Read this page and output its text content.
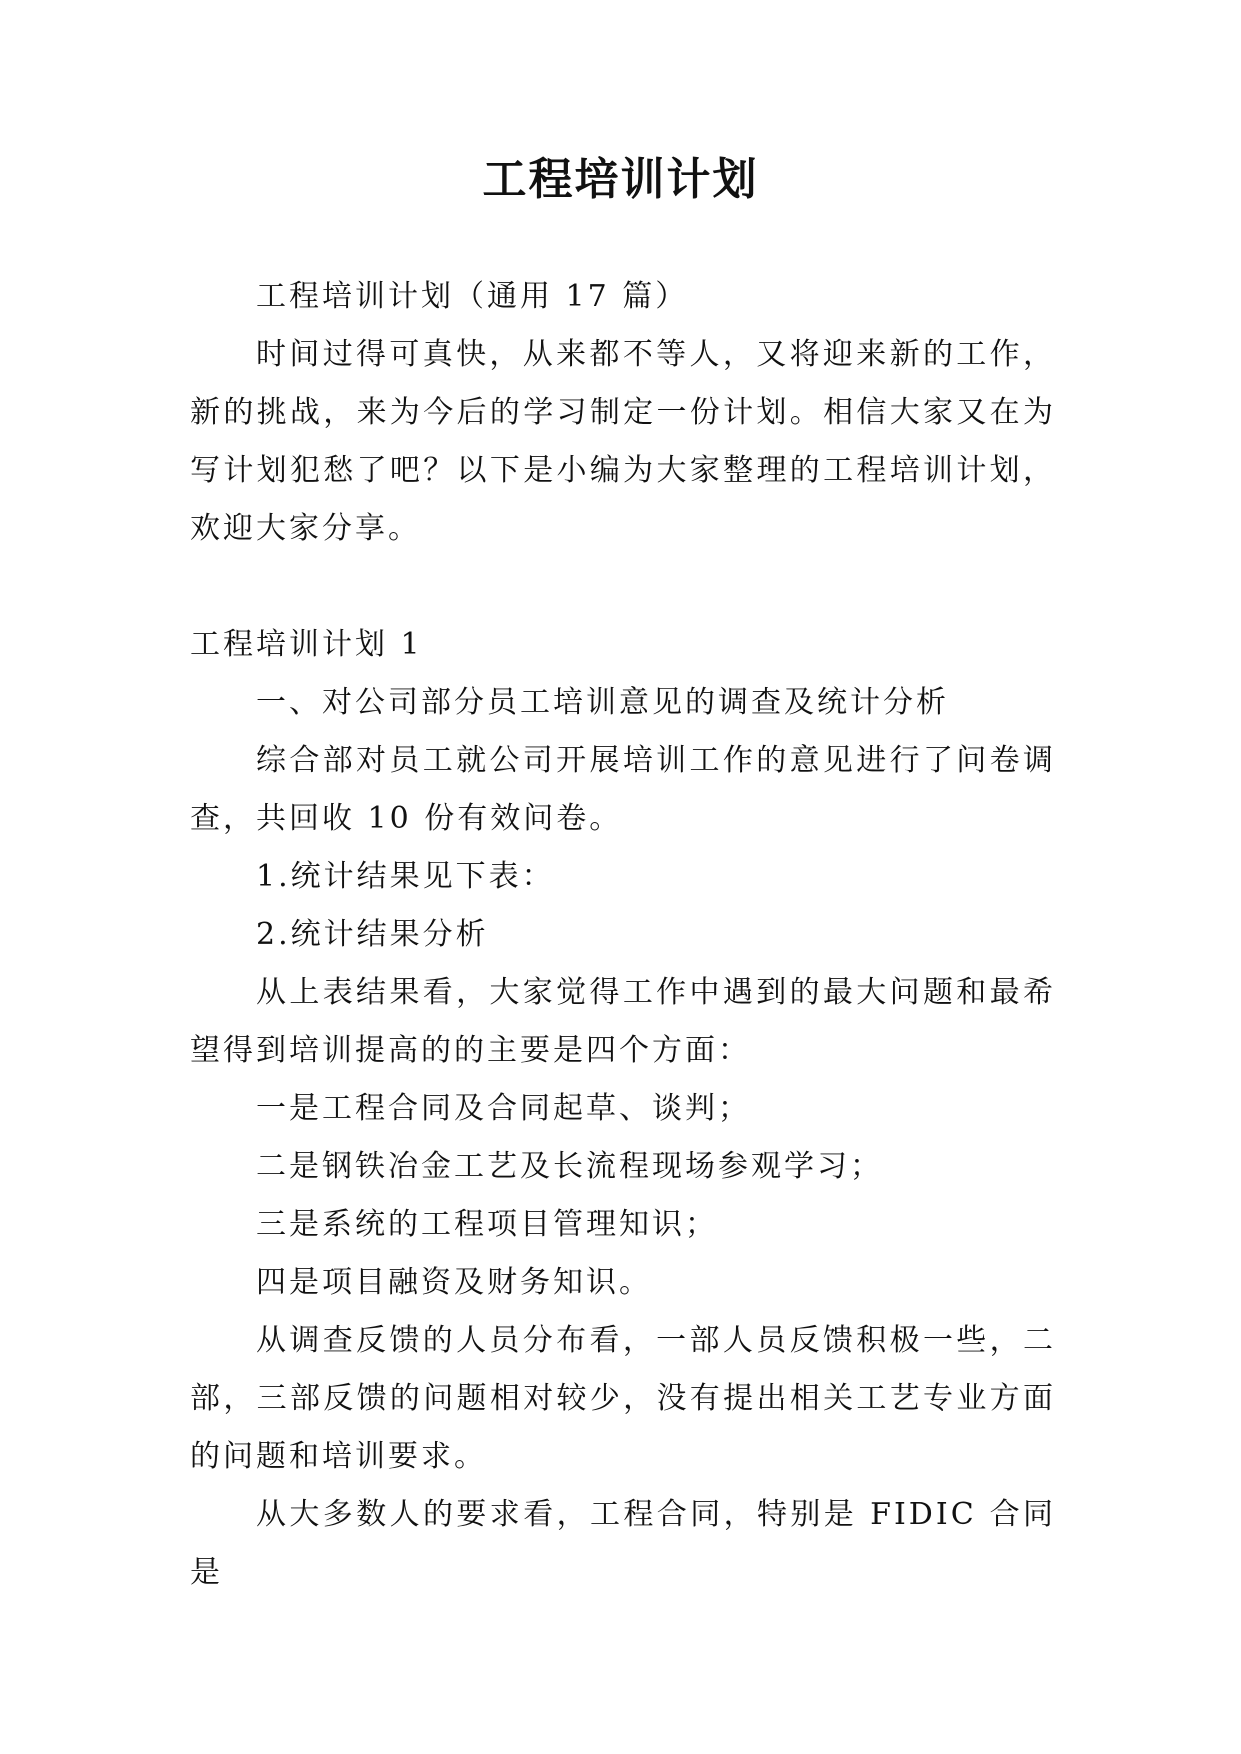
工程培训计划

工程培训计划（通用 17 篇）

时间过得可真快，从来都不等人，又将迎来新的工作，新的挑战，来为今后的学习制定一份计划。相信大家又在为写计划犯愁了吧？以下是小编为大家整理的工程培训计划，欢迎大家分享。

工程培训计划 1

一、对公司部分员工培训意见的调查及统计分析

综合部对员工就公司开展培训工作的意见进行了问卷调查，共回收 10 份有效问卷。

1.统计结果见下表：

2.统计结果分析

从上表结果看，大家觉得工作中遇到的最大问题和最希望得到培训提高的的主要是四个方面：

一是工程合同及合同起草、谈判；

二是钢铁冶金工艺及长流程现场参观学习；

三是系统的工程项目管理知识；

四是项目融资及财务知识。

从调查反馈的人员分布看，一部人员反馈积极一些，二部，三部反馈的问题相对较少，没有提出相关工艺专业方面的问题和培训要求。

从大多数人的要求看，工程合同，特别是 FIDIC 合同是
